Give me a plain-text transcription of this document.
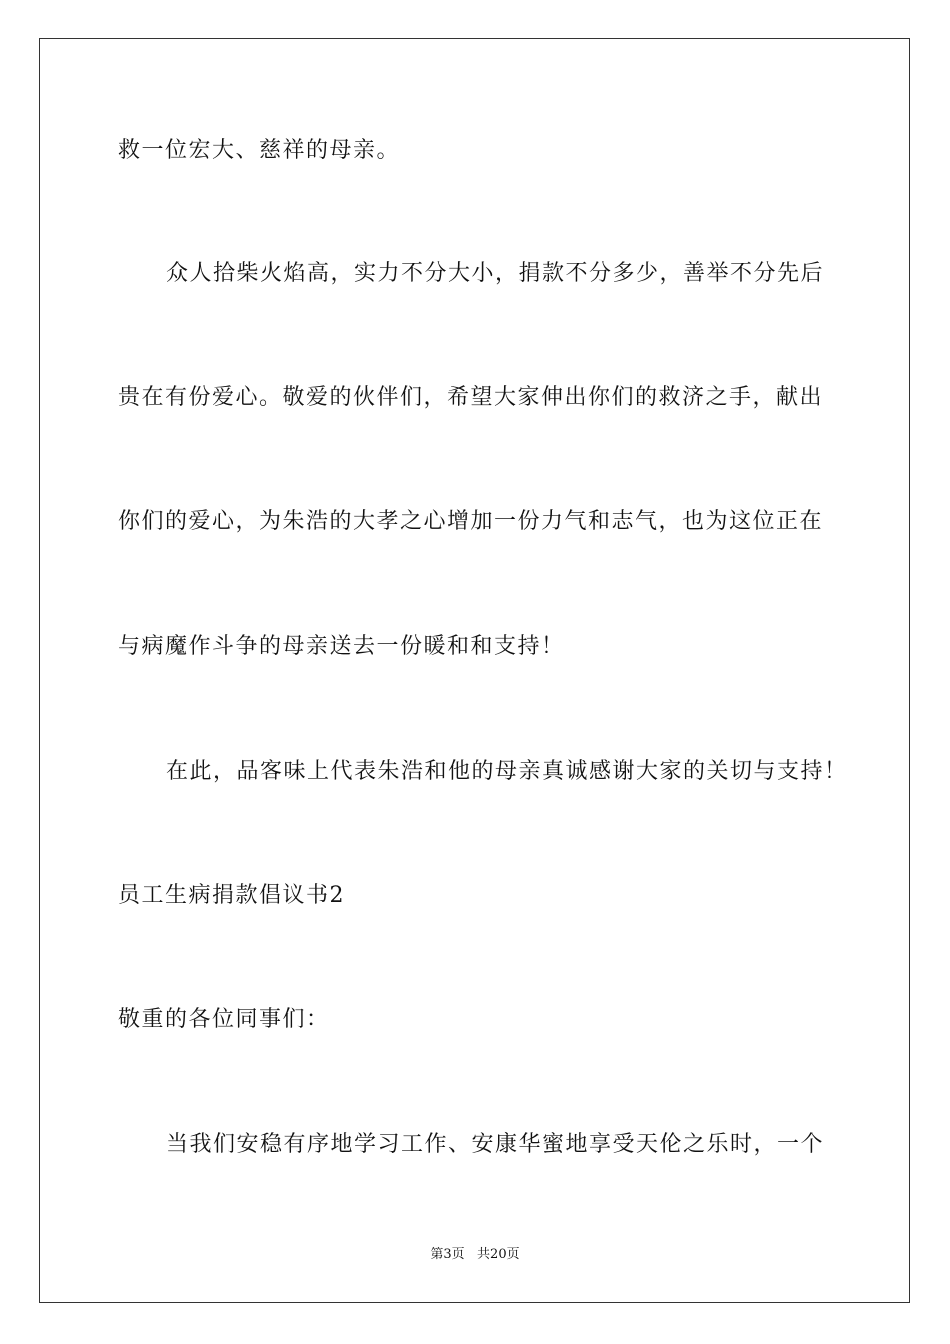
救一位宏大、慈祥的母亲。
众人拾柴火焰高，实力不分大小，捐款不分多少，善举不分先后
贵在有份爱心。敬爱的伙伴们，希望大家伸出你们的救济之手，献出
你们的爱心，为朱浩的大孝之心增加一份力气和志气，也为这位正在
与病魔作斗争的母亲送去一份暖和和支持！
在此，品客味上代表朱浩和他的母亲真诚感谢大家的关切与支持！
员工生病捐款倡议书2
敬重的各位同事们：
当我们安稳有序地学习工作、安康华蜜地享受天伦之乐时，一个
第3页   共20页
